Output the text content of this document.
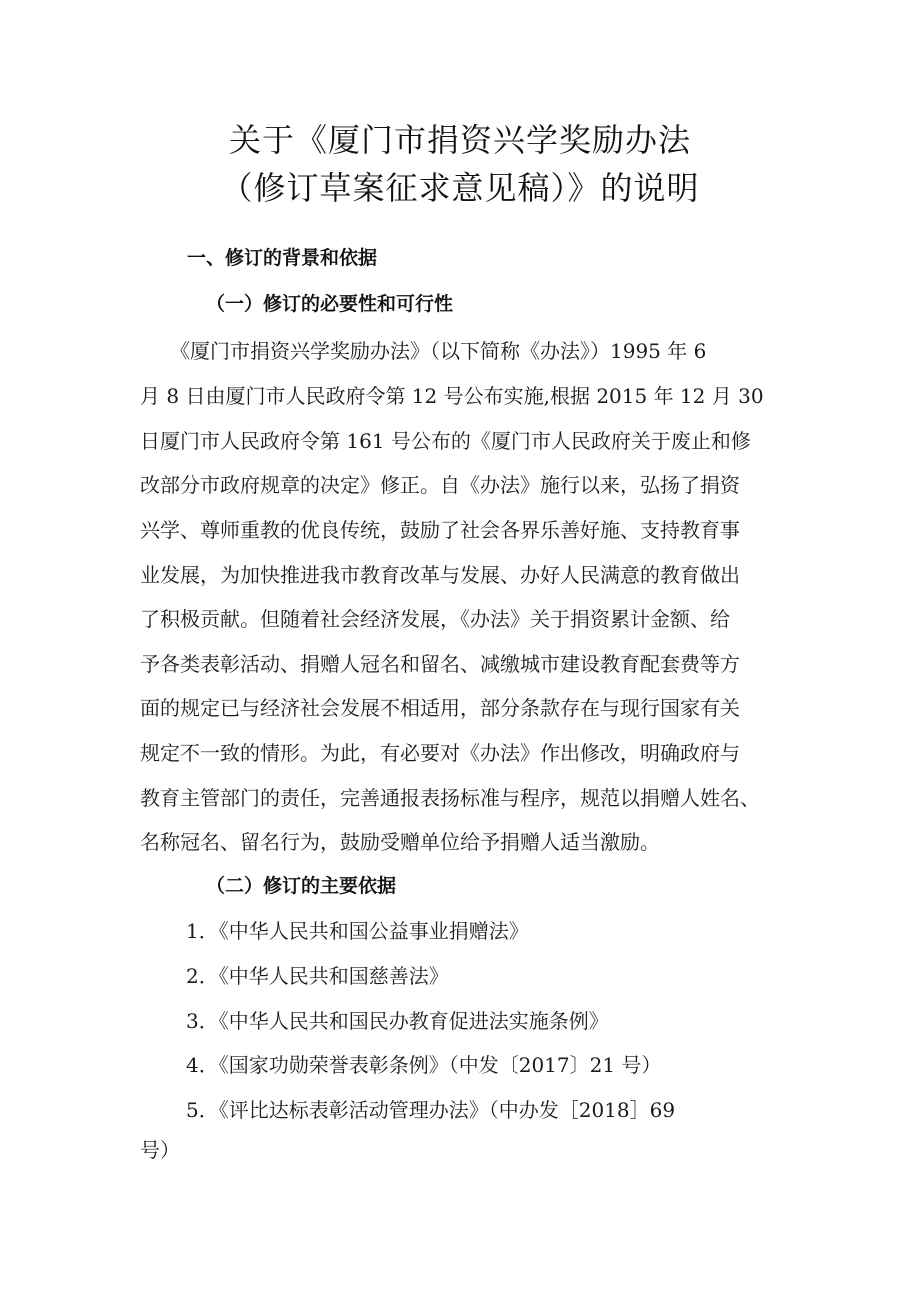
关于《厦门市捐资兴学奖励办法
（修订草案征求意见稿）》的说明
一、修订的背景和依据
（一）修订的必要性和可行性
　　《厦门市捐资兴学奖励办法》（以下简称《办法》）1995 年 6
月 8 日由厦门市人民政府令第 12 号公布实施,根据 2015 年 12 月 30
日厦门市人民政府令第 161 号公布的《厦门市人民政府关于废止和修
改部分市政府规章的决定》修正。自《办法》施行以来，弘扬了捐资
兴学、尊师重教的优良传统，鼓励了社会各界乐善好施、支持教育事
业发展，为加快推进我市教育改革与发展、办好人民满意的教育做出
了积极贡献。但随着社会经济发展，《办法》关于捐资累计金额、给
予各类表彰活动、捐赠人冠名和留名、减缴城市建设教育配套费等方
面的规定已与经济社会发展不相适用，部分条款存在与现行国家有关
规定不一致的情形。为此，有必要对《办法》作出修改，明确政府与
教育主管部门的责任，完善通报表扬标准与程序，规范以捐赠人姓名、
名称冠名、留名行为，鼓励受赠单位给予捐赠人适当激励。
（二）修订的主要依据
1．《中华人民共和国公益事业捐赠法》
2．《中华人民共和国慈善法》
3．《中华人民共和国民办教育促进法实施条例》
4．《国家功勋荣誉表彰条例》（中发〔2017〕21 号）
5．《评比达标表彰活动管理办法》（中办发［2018］69
号）
